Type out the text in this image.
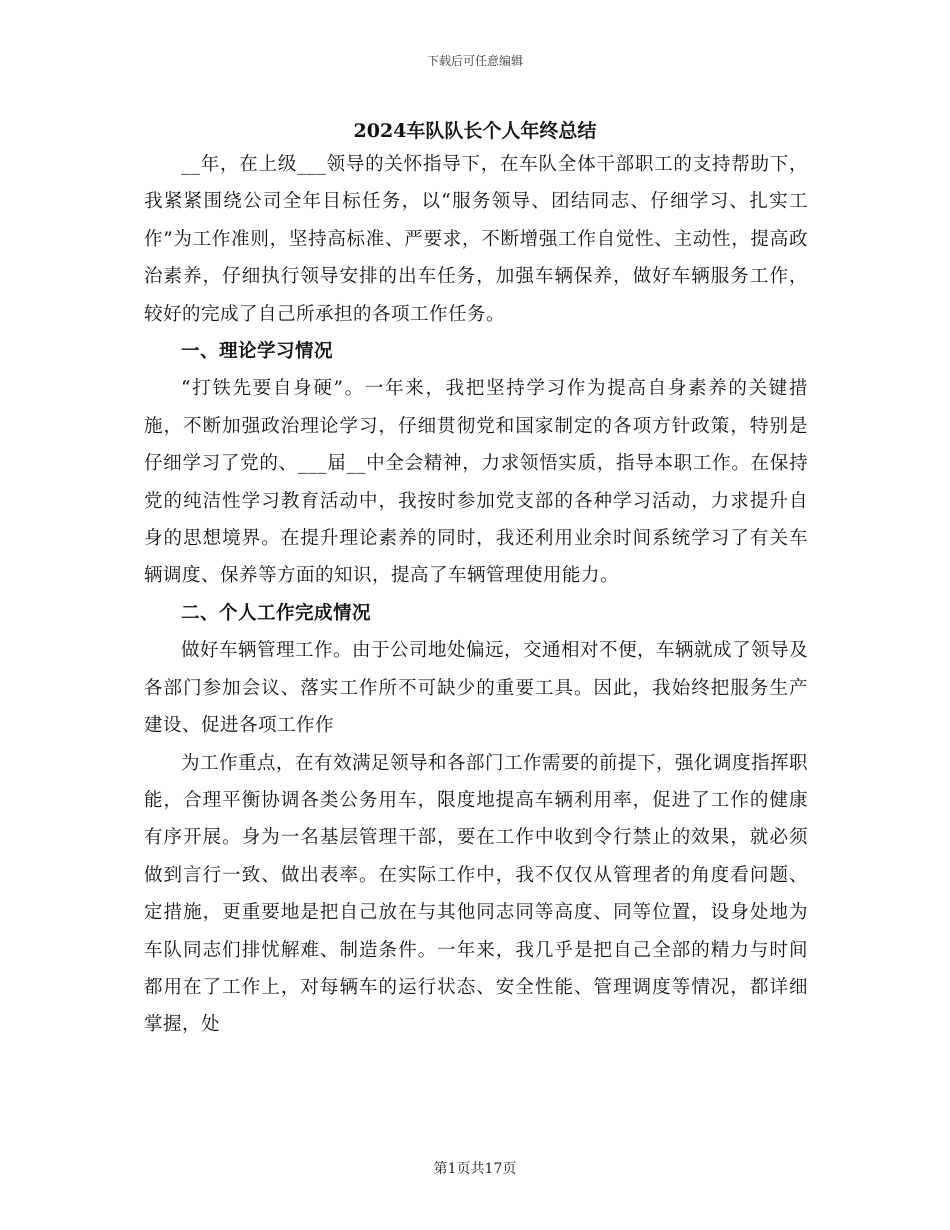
下载后可任意编辑
2024车队队长个人年终总结

__年，在上级___领导的关怀指导下，在车队全体干部职工的支持帮助下，我紧紧围绕公司全年目标任务，以“服务领导、团结同志、仔细学习、扎实工作”为工作准则，坚持高标准、严要求，不断增强工作自觉性、主动性，提高政治素养，仔细执行领导安排的出车任务，加强车辆保养，做好车辆服务工作，较好的完成了自己所承担的各项工作任务。

一、理论学习情况

“打铁先要自身硬”。一年来，我把坚持学习作为提高自身素养的关键措施，不断加强政治理论学习，仔细贯彻党和国家制定的各项方针政策，特别是仔细学习了党的、___届__中全会精神，力求领悟实质，指导本职工作。在保持党的纯洁性学习教育活动中，我按时参加党支部的各种学习活动，力求提升自身的思想境界。在提升理论素养的同时，我还利用业余时间系统学习了有关车辆调度、保养等方面的知识，提高了车辆管理使用能力。

二、个人工作完成情况

做好车辆管理工作。由于公司地处偏远，交通相对不便，车辆就成了领导及各部门参加会议、落实工作所不可缺少的重要工具。因此，我始终把服务生产建设、促进各项工作作

为工作重点，在有效满足领导和各部门工作需要的前提下，强化调度指挥职能，合理平衡协调各类公务用车，限度地提高车辆利用率，促进了工作的健康有序开展。身为一名基层管理干部，要在工作中收到令行禁止的效果，就必须做到言行一致、做出表率。在实际工作中，我不仅仅从管理者的角度看问题、定措施，更重要地是把自己放在与其他同志同等高度、同等位置，设身处地为车队同志们排忧解难、制造条件。一年来，我几乎是把自己全部的精力与时间都用在了工作上，对每辆车的运行状态、安全性能、管理调度等情况，都详细掌握，处

第1页共17页
